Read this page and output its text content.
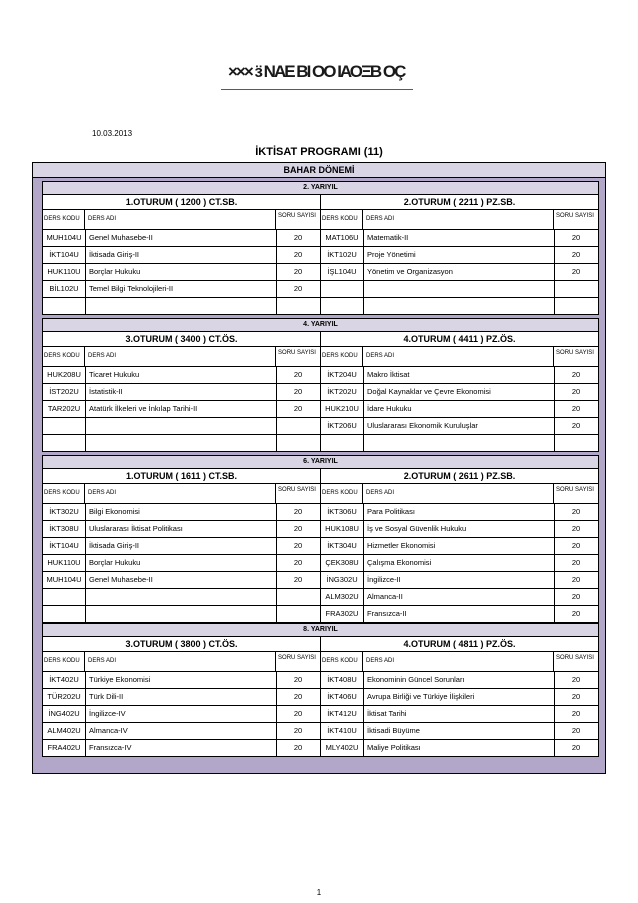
××× ӟ ΝΑΕ ΒΙ ΟΟ ΙΑΟΞΒ ΟÇ
10.03.2013
İKTİSAT PROGRAMI (11)
BAHAR DÖNEMİ
2. YARIYIL
1.OTURUM ( 1200 ) CT.SB.
DERS KODU	DERS ADI	SORU SAYISI
MUH104U	Genel Muhasebe-II	20
İKT104U	İktisada Giriş-II	20
HUK110U	Borçlar Hukuku	20
BİL102U	Temel Bilgi Teknolojileri-II	20
2.OTURUM ( 2211 ) PZ.SB.
DERS KODU	DERS ADI	SORU SAYISI
MAT106U	Matematik-II	20
İKT102U	Proje Yönetimi	20
İŞL104U	Yönetim ve Organizasyon	20
4. YARIYIL
3.OTURUM ( 3400 ) CT.ÖS.
DERS KODU	DERS ADI	SORU SAYISI
HUK208U	Ticaret Hukuku	20
İST202U	İstatistik-II	20
TAR202U	Atatürk İlkeleri ve İnkılap Tarihi-II	20
4.OTURUM ( 4411 ) PZ.ÖS.
DERS KODU	DERS ADI	SORU SAYISI
İKT204U	Makro İktisat	20
İKT202U	Doğal Kaynaklar ve Çevre Ekonomisi	20
HUK210U	İdare Hukuku	20
İKT206U	Uluslararası Ekonomik Kuruluşlar	20
6. YARIYIL
1.OTURUM ( 1611 ) CT.SB.
DERS KODU	DERS ADI	SORU SAYISI
İKT302U	Bilgi Ekonomisi	20
İKT308U	Uluslararası İktisat Politikası	20
İKT104U	İktisada Giriş-II	20
HUK110U	Borçlar Hukuku	20
MUH104U	Genel Muhasebe-II	20
2.OTURUM ( 2611 ) PZ.SB.
DERS KODU	DERS ADI	SORU SAYISI
İKT306U	Para Politikası	20
HUK108U	İş ve Sosyal Güvenlik Hukuku	20
İKT304U	Hizmetler Ekonomisi	20
ÇEK308U	Çalışma Ekonomisi	20
İNG302U	İngilizce-II	20
ALM302U	Almanca-II	20
FRA302U	Fransızca-II	20
8. YARIYIL
3.OTURUM ( 3800 ) CT.ÖS.
DERS KODU	DERS ADI	SORU SAYISI
İKT402U	Türkiye Ekonomisi	20
TÜR202U	Türk Dili-II	20
İNG402U	İngilizce-IV	20
ALM402U	Almanca-IV	20
FRA402U	Fransızca-IV	20
4.OTURUM ( 4811 ) PZ.ÖS.
DERS KODU	DERS ADI	SORU SAYISI
İKT408U	Ekonominin Güncel Sorunları	20
İKT406U	Avrupa Birliği ve Türkiye İlişkileri	20
İKT412U	İktisat Tarihi	20
İKT410U	İktisadi Büyüme	20
MLY402U	Maliye Politikası	20
1
